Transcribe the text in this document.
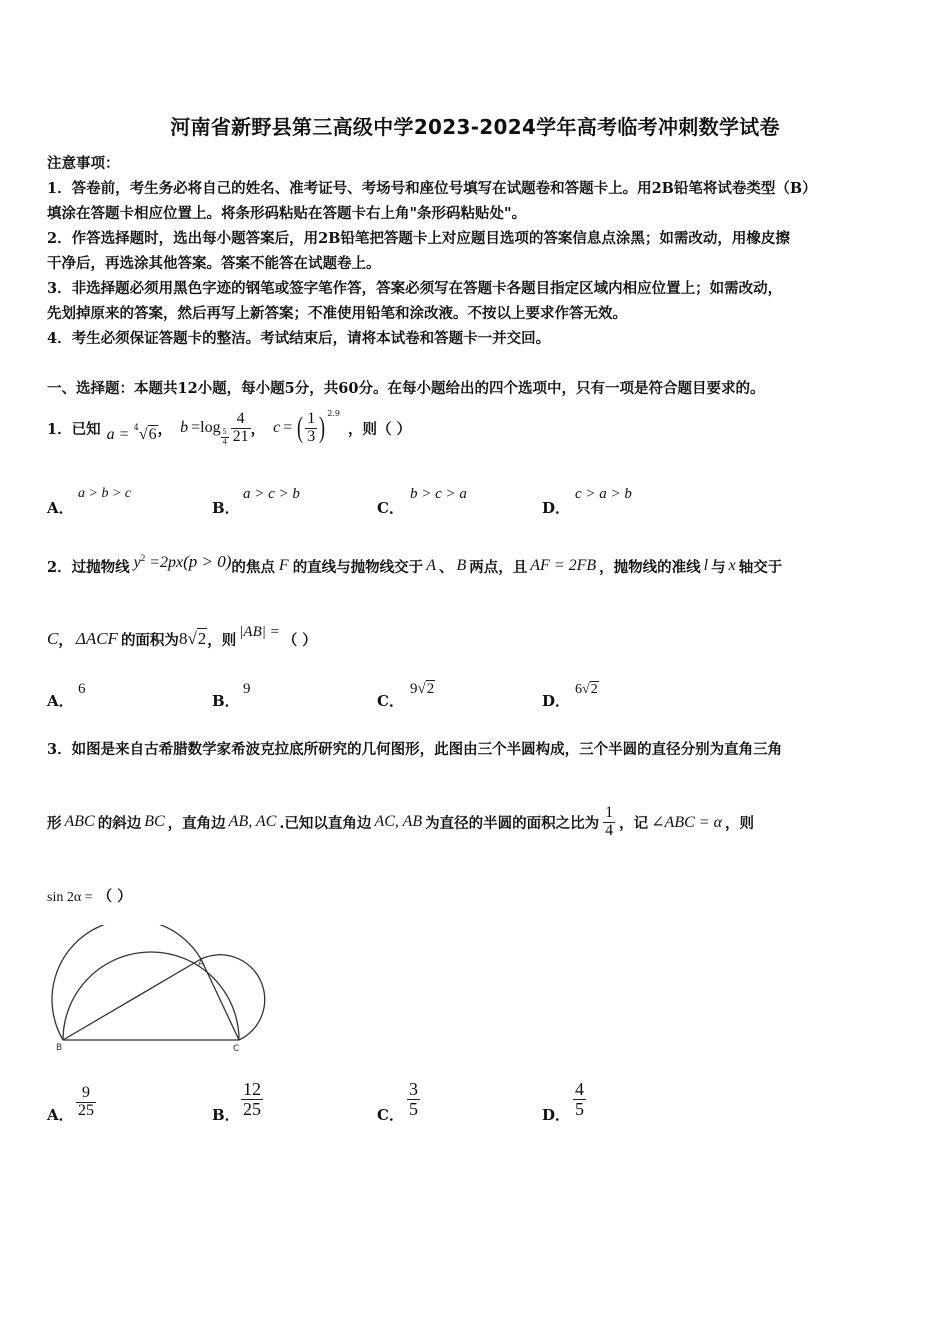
河南省新野县第三高级中学2023-2024学年高考临考冲刺数学试卷
注意事项：
1．答卷前，考生务必将自己的姓名、准考证号、考场号和座位号填写在试题卷和答题卡上。用2B铅笔将试卷类型（B）
填涂在答题卡相应位置上。将条形码粘贴在答题卡右上角"条形码粘贴处"。
2．作答选择题时，选出每小题答案后，用2B铅笔把答题卡上对应题目选项的答案信息点涂黑；如需改动，用橡皮擦
干净后，再选涂其他答案。答案不能答在试题卷上。
3．非选择题必须用黑色字迹的钢笔或签字笔作答，答案必须写在答题卡各题目指定区域内相应位置上；如需改动，
先划掉原来的答案，然后再写上新答案；不准使用铅笔和涂改液。不按以上要求作答无效。
4．考生必须保证答题卡的整洁。考试结束后，请将本试卷和答题卡一并交回。
一、选择题：本题共12小题，每小题5分，共60分。在每小题给出的四个选项中，只有一项是符合题目要求的。
1．已知 a = $^4$√6 ， b =log
$\frac{5}{4} \frac{4}{21}$ ， c = ( $\frac{1}{3}$ ) $^{2.9}$
，则（ ）
A．
a > b > c
B．
a > c > b
C．
b > c > a
D．
c > a > b
2．过抛物线 $y^2 =2px$ (p > 0) 的焦点 F 的直线与抛物线交于 A 、 B 两点，且 AF = 2FB ，抛物线的准线 l 与 x 轴交于
C ， ΔACF 的面积为 8√2 ，则 |AB| = （ ）
A．
6
B．
9
C．
9√2
D．
6√2
3．如图是来自古希腊数学家希波克拉底所研究的几何图形，此图由三个半圆构成，三个半圆的直径分别为直角三角
形 ABC 的斜边 BC ，直角边 AB, AC .已知以直角边 AC, AB 为直径的半圆的面积之比为 $\frac{1}{4}$ ，记 ∠ABC = α ，则
sin 2α = （ ）
A
B	C
A． $\frac{9}{25}$	B． $\frac{12}{25}$	C． $\frac{3}{5}$	D． $\frac{4}{5}$
